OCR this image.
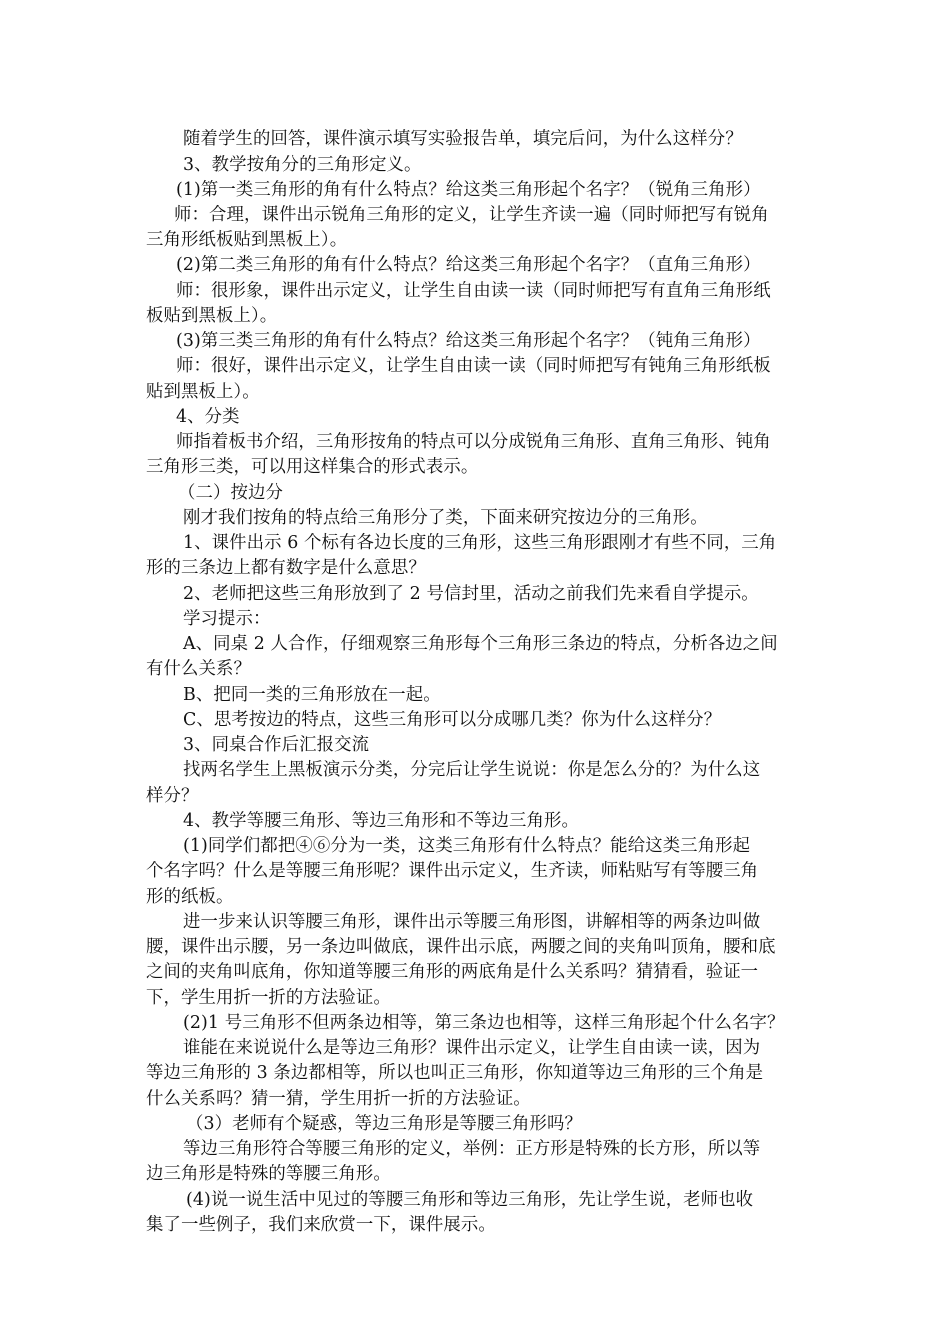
随着学生的回答，课件演示填写实验报告单，填完后问，为什么这样分？
3、教学按角分的三角形定义。
(1)第一类三角形的角有什么特点？给这类三角形起个名字？（锐角三角形）
师：合理，课件出示锐角三角形的定义，让学生齐读一遍（同时师把写有锐角
三角形纸板贴到黑板上）。
(2)第二类三角形的角有什么特点？给这类三角形起个名字？（直角三角形）
师：很形象，课件出示定义，让学生自由读一读（同时师把写有直角三角形纸
板贴到黑板上）。
(3)第三类三角形的角有什么特点？给这类三角形起个名字？（钝角三角形）
师：很好，课件出示定义，让学生自由读一读（同时师把写有钝角三角形纸板
贴到黑板上）。
4、分类
师指着板书介绍，三角形按角的特点可以分成锐角三角形、直角三角形、钝角
三角形三类，可以用这样集合的形式表示。
（二）按边分
刚才我们按角的特点给三角形分了类，下面来研究按边分的三角形。
1、课件出示 6 个标有各边长度的三角形，这些三角形跟刚才有些不同，三角
形的三条边上都有数字是什么意思？
2、老师把这些三角形放到了 2 号信封里，活动之前我们先来看自学提示。
学习提示：
A、同桌 2 人合作，仔细观察三角形每个三角形三条边的特点，分析各边之间
有什么关系？
B、把同一类的三角形放在一起。
C、思考按边的特点，这些三角形可以分成哪几类？你为什么这样分？
3、同桌合作后汇报交流
找两名学生上黑板演示分类，分完后让学生说说：你是怎么分的？为什么这
样分？
4、教学等腰三角形、等边三角形和不等边三角形。
(1)同学们都把④⑥分为一类，这类三角形有什么特点？能给这类三角形起
个名字吗？什么是等腰三角形呢？课件出示定义，生齐读，师粘贴写有等腰三角
形的纸板。
进一步来认识等腰三角形，课件出示等腰三角形图，讲解相等的两条边叫做
腰，课件出示腰，另一条边叫做底，课件出示底，两腰之间的夹角叫顶角，腰和底
之间的夹角叫底角，你知道等腰三角形的两底角是什么关系吗？猜猜看，验证一
下，学生用折一折的方法验证。
(2)1 号三角形不但两条边相等，第三条边也相等，这样三角形起个什么名字？
谁能在来说说什么是等边三角形？课件出示定义，让学生自由读一读，因为
等边三角形的 3 条边都相等，所以也叫正三角形，你知道等边三角形的三个角是
什么关系吗？猜一猜，学生用折一折的方法验证。
（3）老师有个疑惑，等边三角形是等腰三角形吗？
等边三角形符合等腰三角形的定义，举例：正方形是特殊的长方形，所以等
边三角形是特殊的等腰三角形。
(4)说一说生活中见过的等腰三角形和等边三角形，先让学生说，老师也收
集了一些例子，我们来欣赏一下，课件展示。
